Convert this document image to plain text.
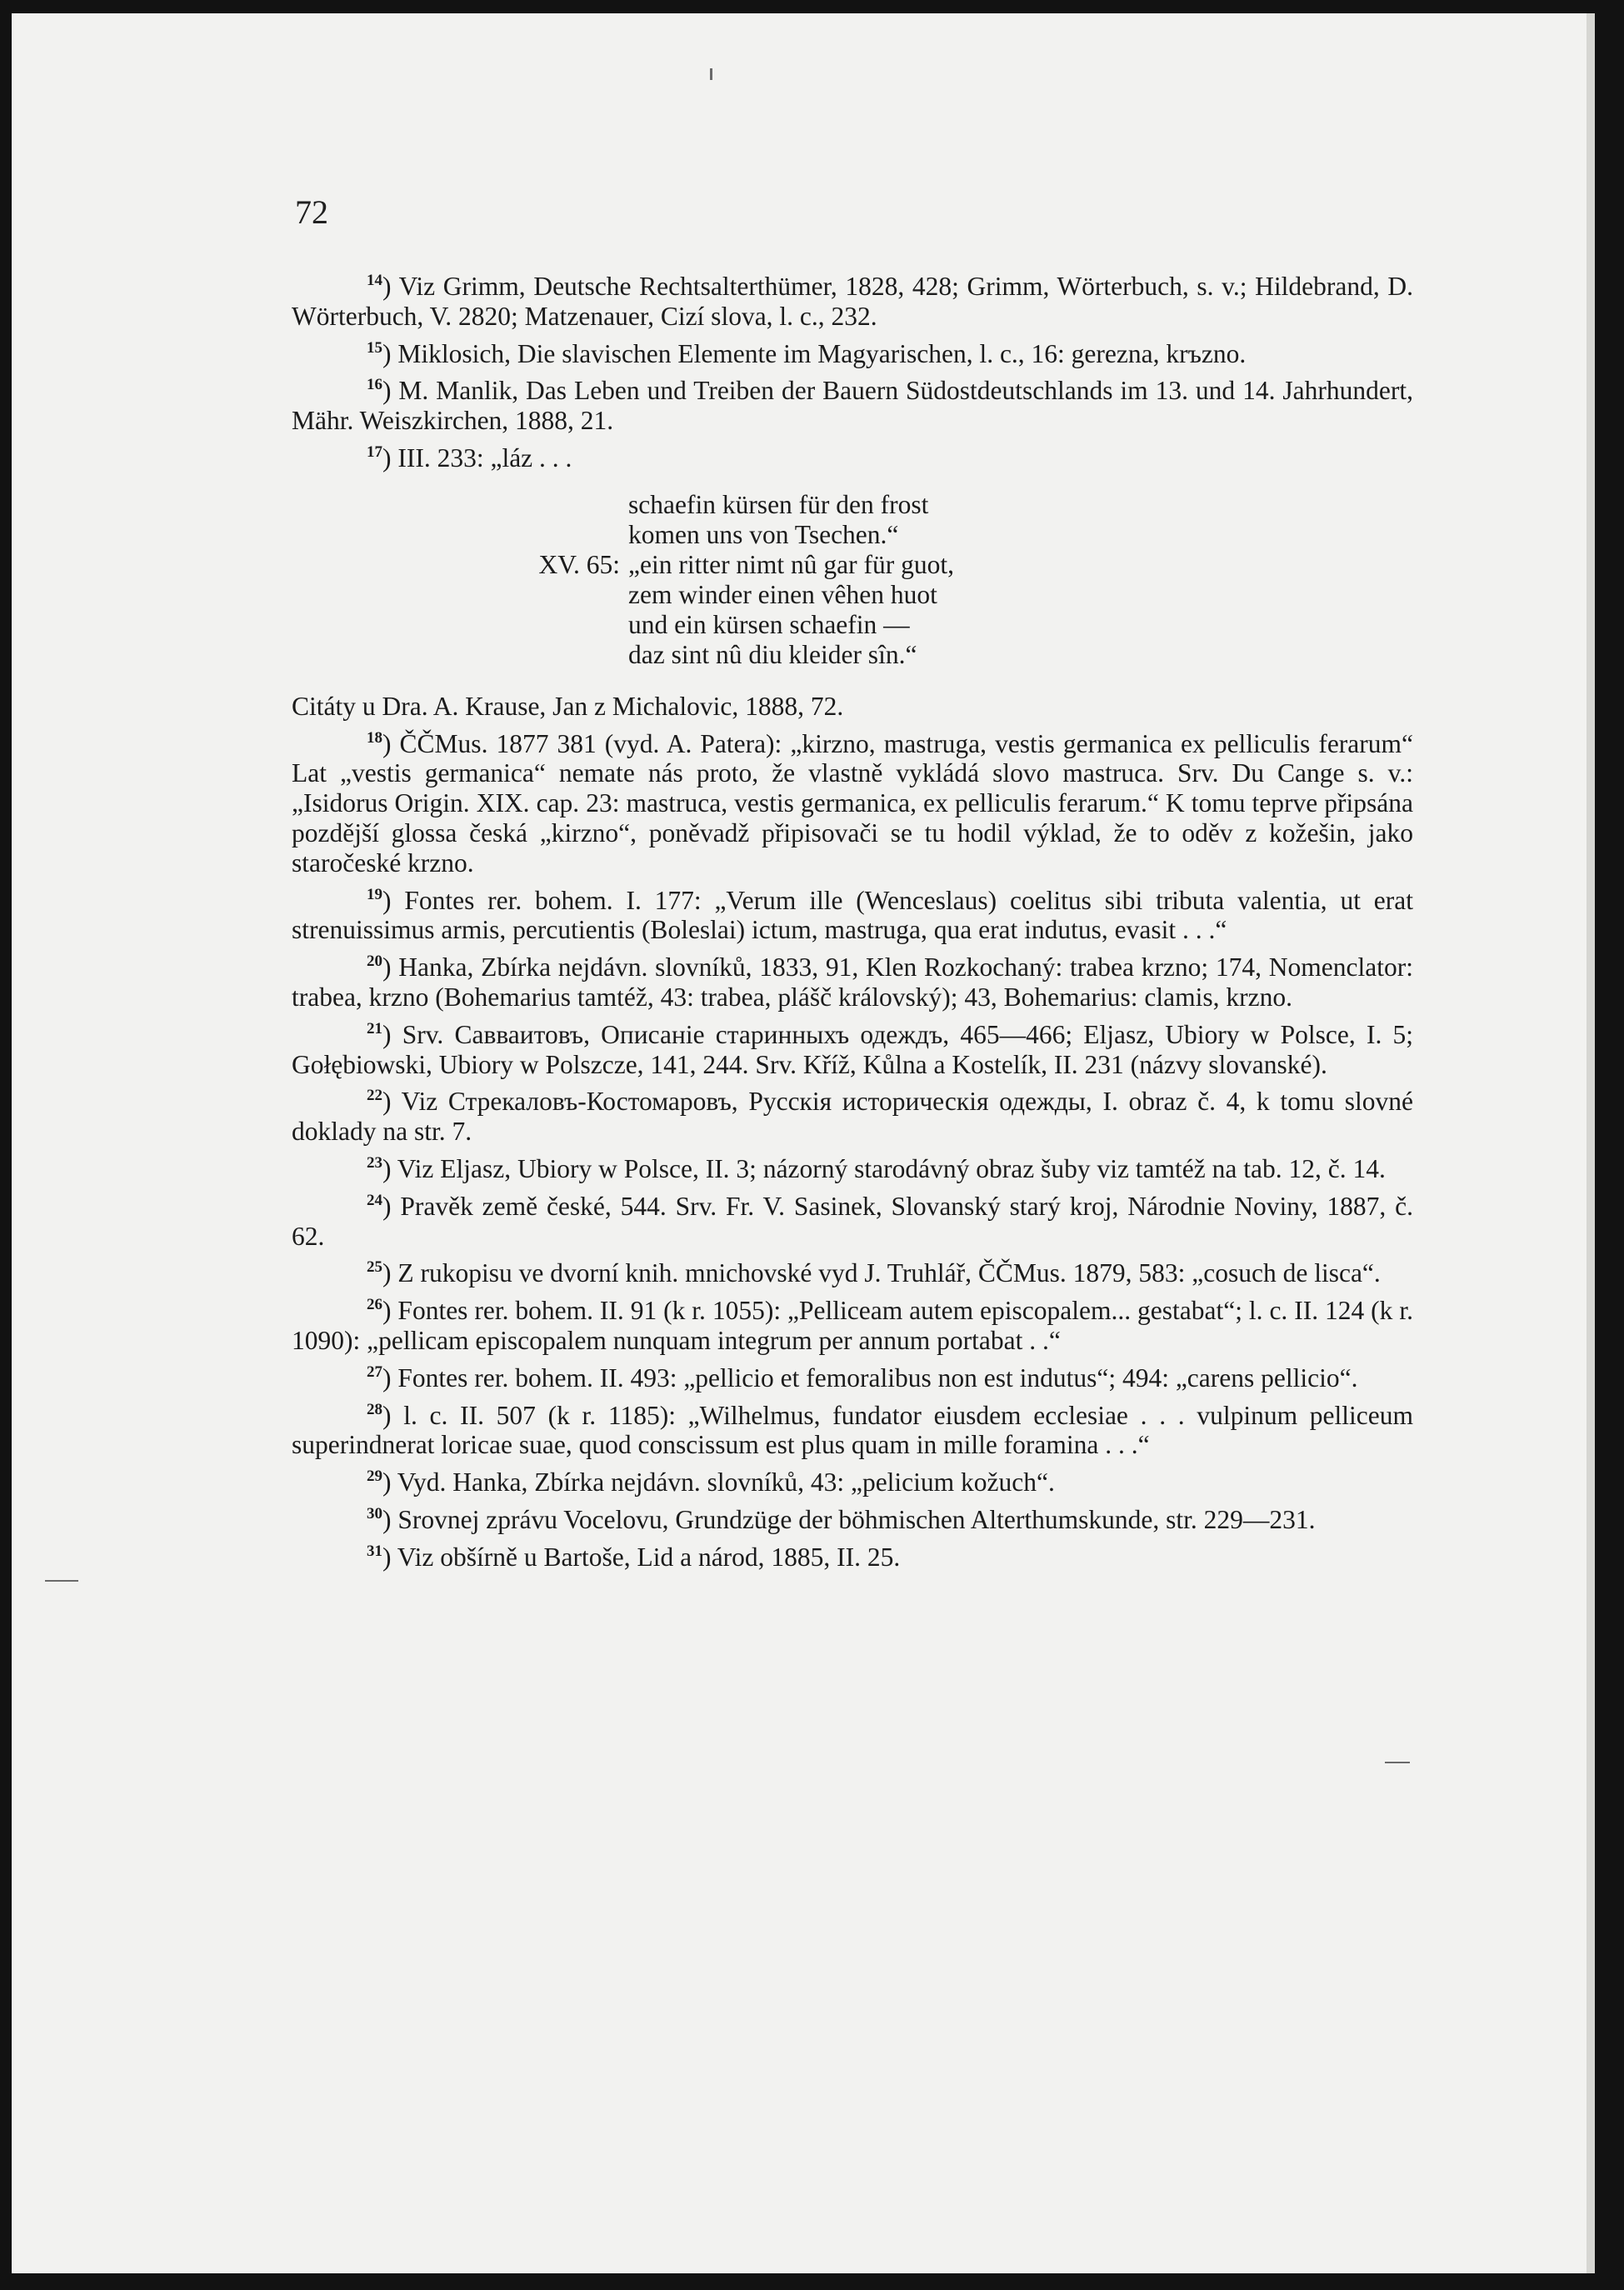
72

$^{14}$) Viz Grimm, Deutsche Rechtsalterthümer, 1828, 428; Grimm, Wörterbuch, s. v.; Hildebrand, D. Wörterbuch, V. 2820; Matzenauer, Cizí slova, l. c., 232.

$^{15}$) Miklosich, Die slavischen Elemente im Magyarischen, l. c., 16: gerezna, krъzno.

$^{16}$) M. Manlik, Das Leben und Treiben der Bauern Südostdeutschlands im 13. und 14. Jahrhundert, Mähr. Weiszkirchen, 1888, 21.

$^{17}$) III. 233: „láz . . .

schaefin kürsen für den frost
komen uns von Tsechen.“
XV. 65: „ein ritter nimt nû gar für guot,
zem winder einen vêhen huot
und ein kürsen schaefin —
daz sint nû diu kleider sîn.“

Citáty u Dra. A. Krause, Jan z Michalovic, 1888, 72.

$^{18}$) ČČMus. 1877 381 (vyd. A. Patera): „kirzno, mastruga, vestis germanica ex pelliculis ferarum“ Lat „vestis germanica“ nemate nás proto, že vlastně vykládá slovo mastruca. Srv. Du Cange s. v.: „Isidorus Origin. XIX. cap. 23: mastruca, vestis germanica, ex pelliculis ferarum.“ K tomu teprve připsána pozdější glossa česká „kirzno“, poněvadž připisovači se tu hodil výklad, že to oděv z kožešin, jako staročeské krzno.

$^{19}$) Fontes rer. bohem. I. 177: „Verum ille (Wenceslaus) coelitus sibi tributa valentia, ut erat strenuissimus armis, percutientis (Boleslai) ictum, mastruga, qua erat indutus, evasit . . .“

$^{20}$) Hanka, Zbírka nejdávn. slovníků, 1833, 91, Klen Rozkochaný: trabea krzno; 174, Nomenclator: trabea, krzno (Bohemarius tamtéž, 43: trabea, plášč královský); 43, Bohemarius: clamis, krzno.

$^{21}$) Srv. Савваитовъ, Описаніе старинныхъ одеждъ, 465—466; Eljasz, Ubiory w Polsce, I. 5; Gołębiowski, Ubiory w Polszcze, 141, 244. Srv. Kříž, Kůlna a Kostelík, II. 231 (názvy slovanské).

$^{22}$) Viz Стрекаловъ-Костомаровъ, Русскія историческія одежды, I. obraz č. 4, k tomu slovné doklady na str. 7.

$^{23}$) Viz Eljasz, Ubiory w Polsce, II. 3; názorný starodávný obraz šuby viz tamtéž na tab. 12, č. 14.

$^{24}$) Pravěk země české, 544. Srv. Fr. V. Sasinek, Slovanský starý kroj, Národnie Noviny, 1887, č. 62.

$^{25}$) Z rukopisu ve dvorní knih. mnichovské vyd J. Truhlář, ČČMus. 1879, 583: „cosuch de lisca“.

$^{26}$) Fontes rer. bohem. II. 91 (k r. 1055): „Pelliceam autem episcopalem... gestabat“; l. c. II. 124 (k r. 1090): „pellicam episcopalem nunquam integrum per annum portabat . .“

$^{27}$) Fontes rer. bohem. II. 493: „pellicio et femoralibus non est indutus“; 494: „carens pellicio“.

$^{28}$) l. c. II. 507 (k r. 1185): „Wilhelmus, fundator eiusdem ecclesiae . . . vulpinum pelliceum superindnerat loricae suae, quod conscissum est plus quam in mille foramina . . .“

$^{29}$) Vyd. Hanka, Zbírka nejdávn. slovníků, 43: „pelicium kožuch“.

$^{30}$) Srovnej zprávu Vocelovu, Grundzüge der böhmischen Alterthumskunde, str. 229—231.

$^{31}$) Viz obšírně u Bartoše, Lid a národ, 1885, II. 25.
